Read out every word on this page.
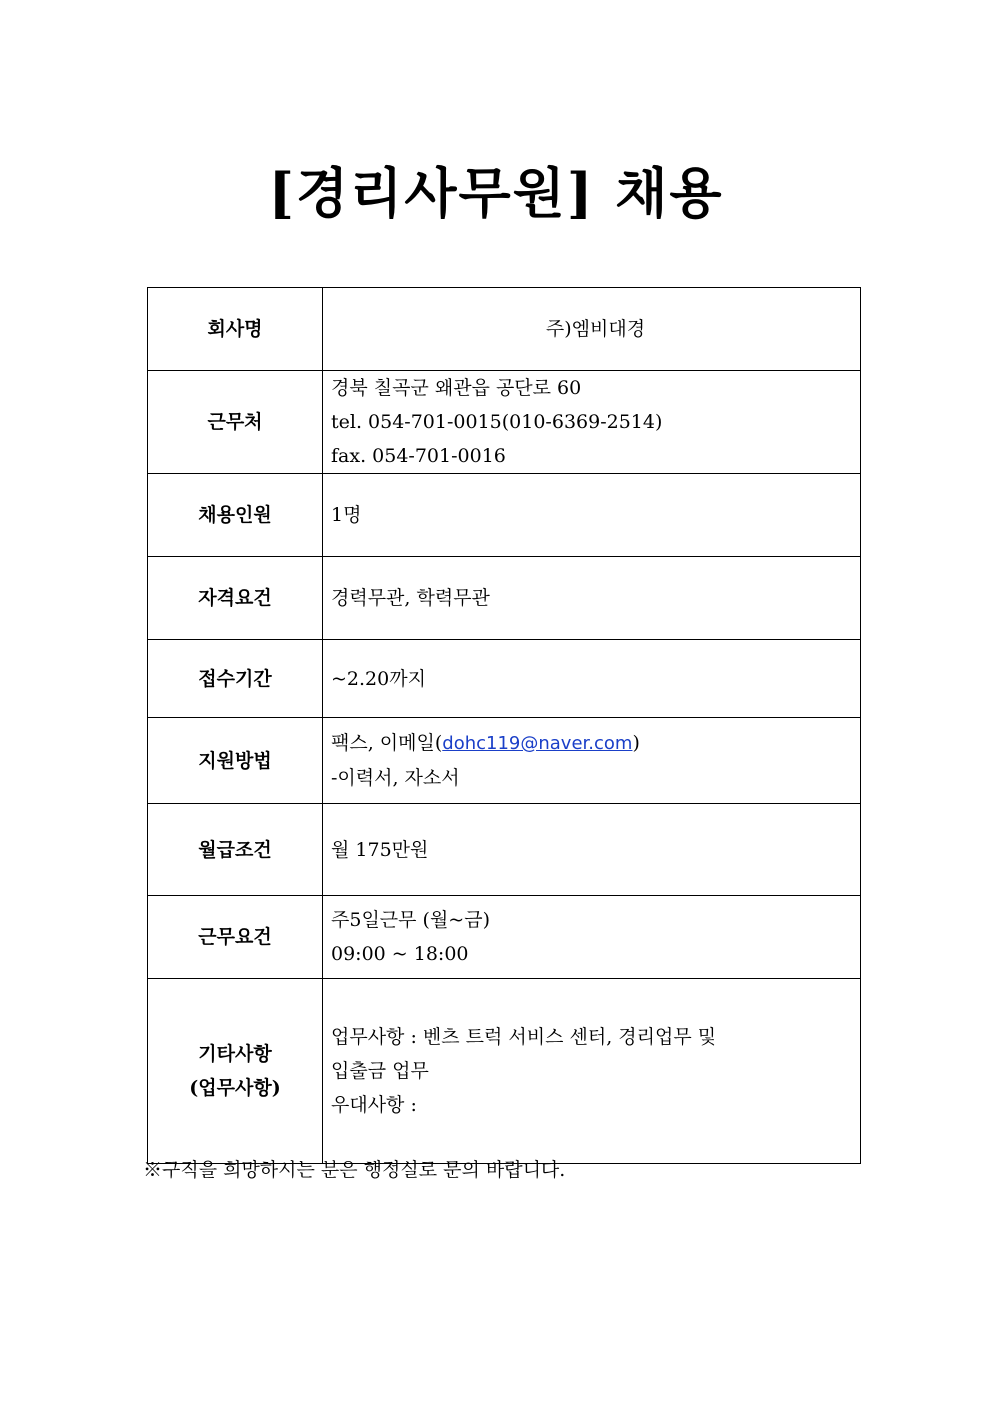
[경리사무원] 채용
회사명	주)엠비대경

근무처	경북 칠곡군 왜관읍 공단로 60
tel. 054-701-0015(010-6369-2514)
fax. 054-701-0016

채용인원	1명

자격요건	경력무관, 학력무관

접수기간	~2.20까지

지원방법	팩스, 이메일(dohc119@naver.com)
-이력서, 자소서

월급조건	월 175만원

근무요건	주5일근무 (월~금)
09:00 ~ 18:00

기타사항
(업무사항)	업무사항 : 벤츠 트럭 서비스 센터, 경리업무 및
입출금 업무
우대사항 :
※구직을 희망하시는 분은 행정실로 문의 바랍니다.
